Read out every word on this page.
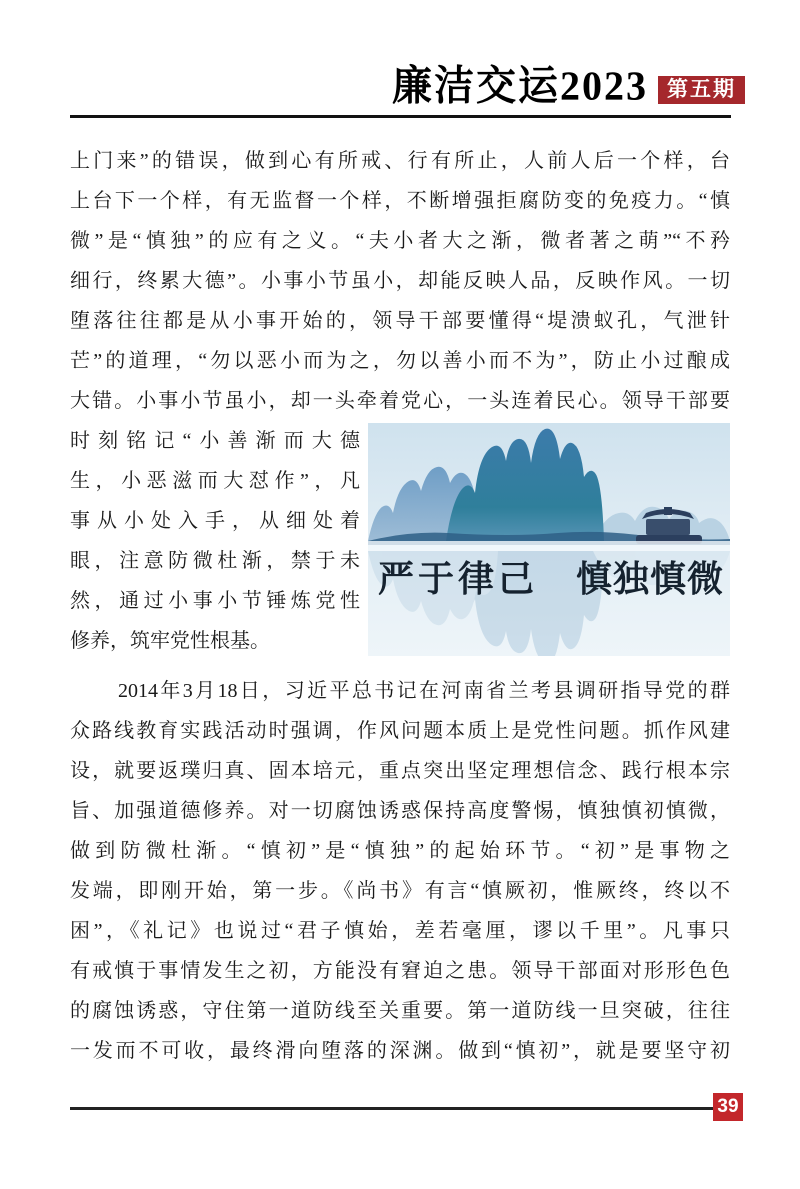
廉洁交运2023 第五期
上门来”的错误，做到心有所戒、行有所止，人前人后一个样，台
上台下一个样，有无监督一个样，不断增强拒腐防变的免疫力。“慎
微”是“慎独”的应有之义。“夫小者大之渐，微者著之萌”“不矜
细行，终累大德”。小事小节虽小，却能反映人品，反映作风。一切
堕落往往都是从小事开始的，领导干部要懂得“堤溃蚁孔，气泄针
芒”的道理，“勿以恶小而为之，勿以善小而不为”，防止小过酿成
大错。小事小节虽小，却一头牵着党心，一头连着民心。领导干部要
时刻铭记“小善渐而大德
生，小恶滋而大怼作”，凡
事从小处入手，从细处着
眼，注意防微杜渐，禁于未
然，通过小事小节锤炼党性
修养，筑牢党性根基。
严于律己 慎独慎微
2014年3月18日，习近平总书记在河南省兰考县调研指导党的群
众路线教育实践活动时强调，作风问题本质上是党性问题。抓作风建
设，就要返璞归真、固本培元，重点突出坚定理想信念、践行根本宗
旨、加强道德修养。对一切腐蚀诱惑保持高度警惕，慎独慎初慎微，
做到防微杜渐。“慎初”是“慎独”的起始环节。“初”是事物之
发端，即刚开始，第一步。《尚书》有言“慎厥初，惟厥终，终以不
困”，《礼记》也说过“君子慎始，差若毫厘，谬以千里”。凡事只
有戒慎于事情发生之初，方能没有窘迫之患。领导干部面对形形色色
的腐蚀诱惑，守住第一道防线至关重要。第一道防线一旦突破，往往
一发而不可收，最终滑向堕落的深渊。做到“慎初”，就是要坚守初
39
